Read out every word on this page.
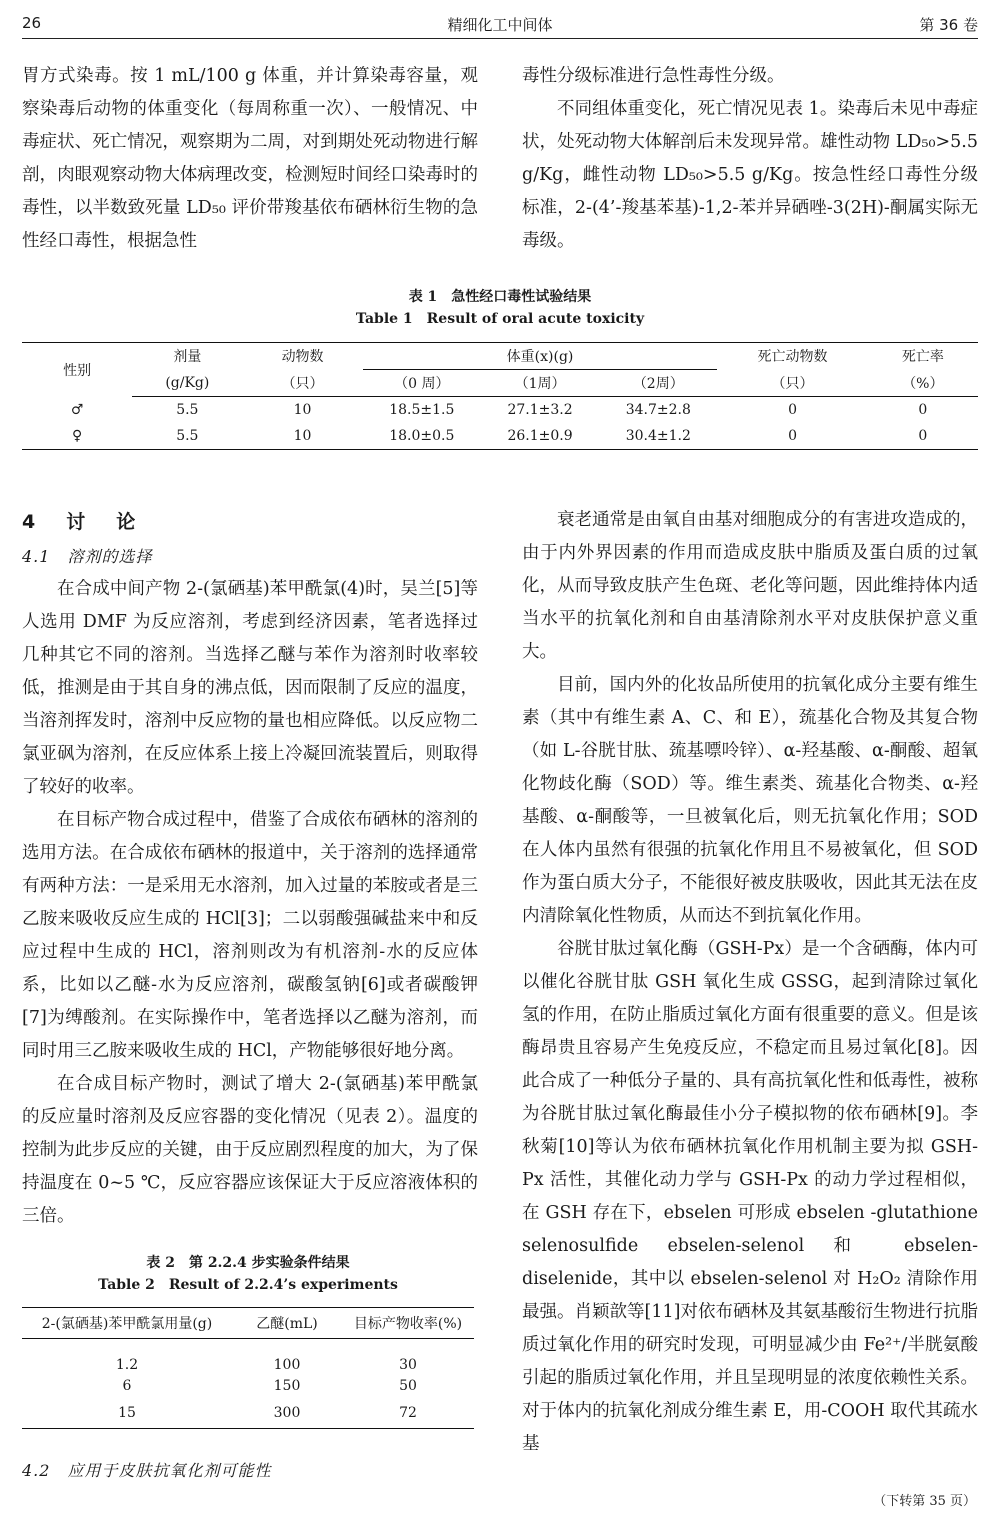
26	精细化工中间体	第 36 卷

胃方式染毒。按 1 mL/100 g 体重，并计算染毒容量，观察染毒后动物的体重变化（每周称重一次）、一般情况、中毒症状、死亡情况，观察期为二周，对到期处死动物进行解剖，肉眼观察动物大体病理改变，检测短时间经口染毒时的毒性，以半数致死量 LD₅₀ 评价带羧基依布硒林衍生物的急性经口毒性，根据急性

毒性分级标准进行急性毒性分级。

不同组体重变化，死亡情况见表 1。染毒后未见中毒症状，处死动物大体解剖后未发现异常。雄性动物 LD₅₀>5.5 g/Kg，雌性动物 LD₅₀>5.5 g/Kg。按急性经口毒性分级标准，2-(4’-羧基苯基)-1,2-苯并异硒唑-3(2H)-酮属实际无毒级。

表 1　急性经口毒性试验结果
Table 1　Result of oral acute toxicity
性别	剂量	动物数	体重(x)(g)			死亡动物数	死亡率
	(g/Kg)	（只）	（0 周）	（1周）	（2周）	（只）	（%）
♂	5.5	10	18.5±1.5	27.1±3.2	34.7±2.8	0	0
♀	5.5	10	18.0±0.5	26.1±0.9	30.4±1.2	0	0
4　讨　论
4.1　溶剂的选择

在合成中间产物 2-(氯硒基)苯甲酰氯(4)时，吴兰[5]等人选用 DMF 为反应溶剂，考虑到经济因素，笔者选择过几种其它不同的溶剂。当选择乙醚与苯作为溶剂时收率较低，推测是由于其自身的沸点低，因而限制了反应的温度，当溶剂挥发时，溶剂中反应物的量也相应降低。以反应物二氯亚砜为溶剂，在反应体系上接上冷凝回流装置后，则取得了较好的收率。

在目标产物合成过程中，借鉴了合成依布硒林的溶剂的选用方法。在合成依布硒林的报道中，关于溶剂的选择通常有两种方法：一是采用无水溶剂，加入过量的苯胺或者是三乙胺来吸收反应生成的 HCl[3]；二以弱酸强碱盐来中和反应过程中生成的 HCl，溶剂则改为有机溶剂-水的反应体系，比如以乙醚-水为反应溶剂，碳酸氢钠[6]或者碳酸钾[7]为缚酸剂。在实际操作中，笔者选择以乙醚为溶剂，而同时用三乙胺来吸收生成的 HCl，产物能够很好地分离。

在合成目标产物时，测试了增大 2-(氯硒基)苯甲酰氯的反应量时溶剂及反应容器的变化情况（见表 2）。温度的控制为此步反应的关键，由于反应剧烈程度的加大，为了保持温度在 0~5 ℃，反应容器应该保证大于反应溶液体积的三倍。

表 2　第 2.2.4 步实验条件结果
Table 2　Result of 2.2.4’s experiments
2-(氯硒基)苯甲酰氯用量(g)	乙醚(mL)	目标产物收率(%)
1.2	100	30
6	150	50
15	300	72
4.2　应用于皮肤抗氧化剂可能性

衰老通常是由氧自由基对细胞成分的有害进攻造成的，由于内外界因素的作用而造成皮肤中脂质及蛋白质的过氧化，从而导致皮肤产生色斑、老化等问题，因此维持体内适当水平的抗氧化剂和自由基清除剂水平对皮肤保护意义重大。

目前，国内外的化妆品所使用的抗氧化成分主要有维生素（其中有维生素 A、C、和 E），巯基化合物及其复合物（如 L-谷胱甘肽、巯基嘌呤锌）、α-羟基酸、α-酮酸、超氧化物歧化酶（SOD）等。维生素类、巯基化合物类、α-羟基酸、α-酮酸等，一旦被氧化后，则无抗氧化作用；SOD 在人体内虽然有很强的抗氧化作用且不易被氧化，但 SOD 作为蛋白质大分子，不能很好被皮肤吸收，因此其无法在皮内清除氧化性物质，从而达不到抗氧化作用。

谷胱甘肽过氧化酶（GSH-Px）是一个含硒酶，体内可以催化谷胱甘肽 GSH 氧化生成 GSSG，起到清除过氧化氢的作用，在防止脂质过氧化方面有很重要的意义。但是该酶昂贵且容易产生免疫反应，不稳定而且易过氧化[8]。因此合成了一种低分子量的、具有高抗氧化性和低毒性，被称为谷胱甘肽过氧化酶最佳小分子模拟物的依布硒林[9]。李秋菊[10]等认为依布硒林抗氧化作用机制主要为拟 GSH-Px 活性，其催化动力学与 GSH-Px 的动力学过程相似，在 GSH 存在下，ebselen 可形成 ebselen -glutathione selenosulfide ebselen-selenol 和 ebselen-diselenide，其中以 ebselen-selenol 对 H₂O₂ 清除作用最强。肖颖歆等[11]对依布硒林及其氨基酸衍生物进行抗脂质过氧化作用的研究时发现，可明显减少由 Fe²⁺/半胱氨酸引起的脂质过氧化作用，并且呈现明显的浓度依赖性关系。对于体内的抗氧化剂成分维生素 E，用-COOH 取代其疏水基

（下转第 35 页）
